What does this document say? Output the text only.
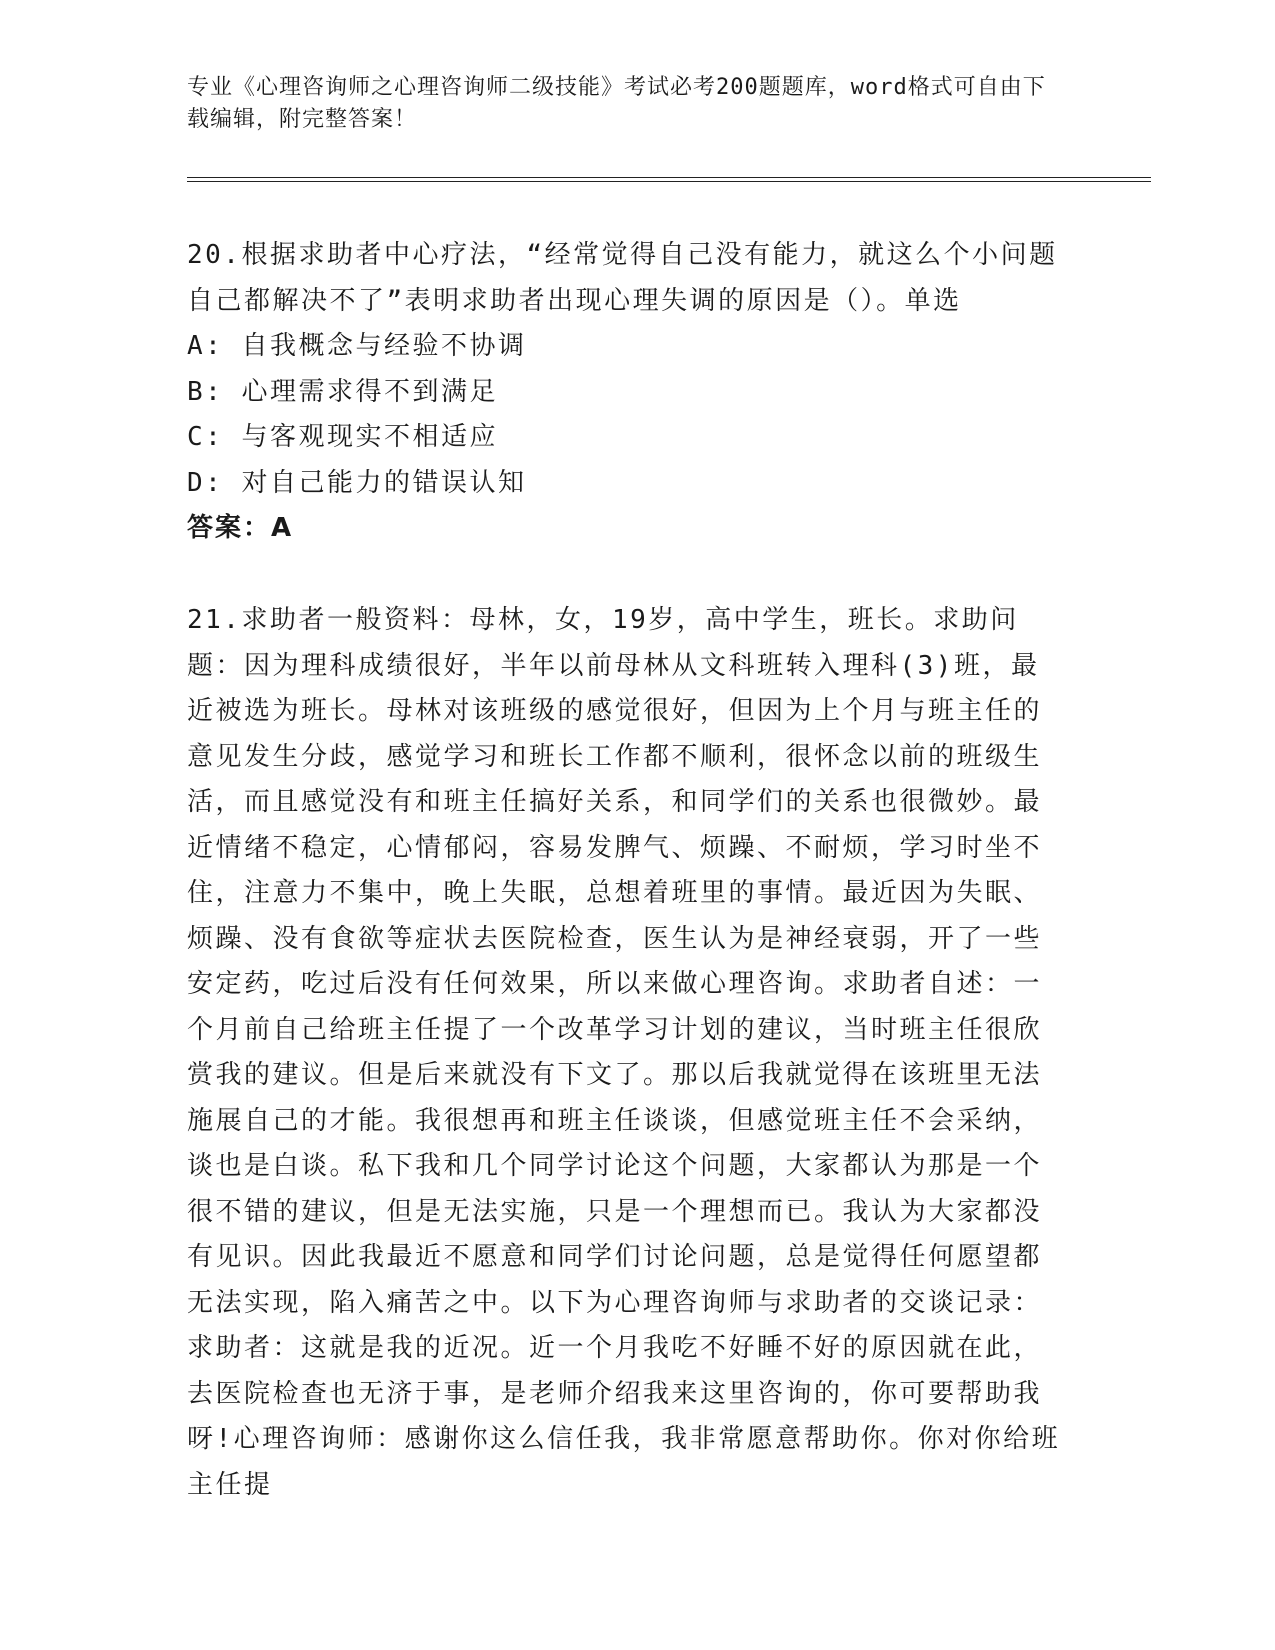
专业《心理咨询师之心理咨询师二级技能》考试必考200题题库，word格式可自由下载编辑，附完整答案！

20.根据求助者中心疗法，“经常觉得自己没有能力，就这么个小问题自己都解决不了”表明求助者出现心理失调的原因是（）。单选

A: 自我概念与经验不协调

B: 心理需求得不到满足

C: 与客观现实不相适应

D: 对自己能力的错误认知

答案：A

21.求助者一般资料：母林，女，19岁，高中学生，班长。求助问题：因为理科成绩很好，半年以前母林从文科班转入理科(3)班，最近被选为班长。母林对该班级的感觉很好，但因为上个月与班主任的意见发生分歧，感觉学习和班长工作都不顺利，很怀念以前的班级生活，而且感觉没有和班主任搞好关系，和同学们的关系也很微妙。最近情绪不稳定，心情郁闷，容易发脾气、烦躁、不耐烦，学习时坐不住，注意力不集中，晚上失眠，总想着班里的事情。最近因为失眠、烦躁、没有食欲等症状去医院检查，医生认为是神经衰弱，开了一些安定药，吃过后没有任何效果，所以来做心理咨询。求助者自述：一个月前自己给班主任提了一个改革学习计划的建议，当时班主任很欣赏我的建议。但是后来就没有下文了。那以后我就觉得在该班里无法施展自己的才能。我很想再和班主任谈谈，但感觉班主任不会采纳，谈也是白谈。私下我和几个同学讨论这个问题，大家都认为那是一个很不错的建议，但是无法实施，只是一个理想而已。我认为大家都没有见识。因此我最近不愿意和同学们讨论问题，总是觉得任何愿望都无法实现，陷入痛苦之中。以下为心理咨询师与求助者的交谈记录：求助者：这就是我的近况。近一个月我吃不好睡不好的原因就在此，去医院检查也无济于事，是老师介绍我来这里咨询的，你可要帮助我呀!心理咨询师：感谢你这么信任我，我非常愿意帮助你。你对你给班主任提
